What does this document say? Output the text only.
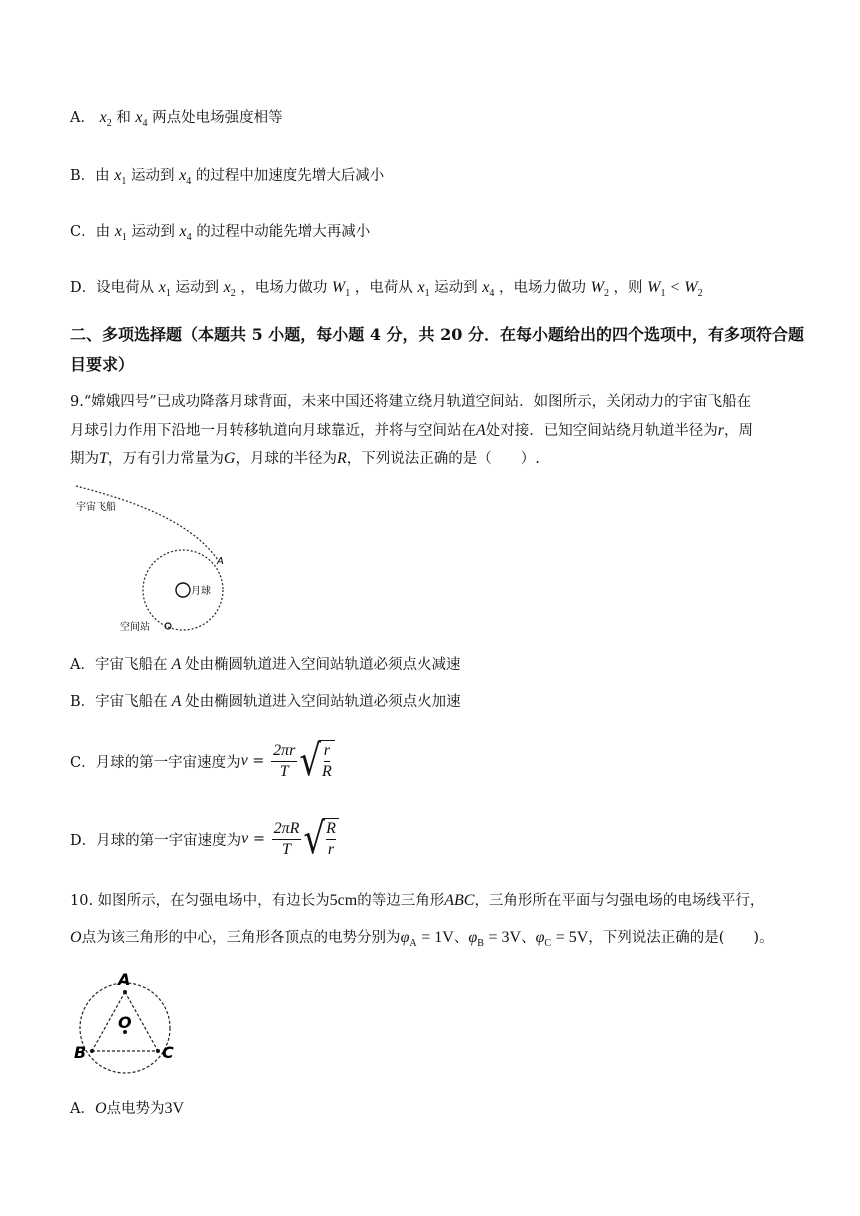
A． $x_2$ 和 $x_4$ 两点处电场强度相等
B．由 $x_1$ 运动到 $x_4$ 的过程中加速度先增大后减小
C．由 $x_1$ 运动到 $x_4$ 的过程中动能先增大再减小
D．设电荷从 $x_1$ 运动到 $x_2$ ，电场力做功 $W_1$ ，电荷从 $x_1$ 运动到 $x_4$ ，电场力做功 $W_2$ ，则 $W_1 < W_2$
二、多项选择题（本题共 5 小题，每小题 4 分，共 20 分．在每小题给出的四个选项中，有多项符合题目要求）
9.“嫦娥四号”已成功降落月球背面，未来中国还将建立绕月轨道空间站．如图所示，关闭动力的宇宙飞船在
月球引力作用下沿地一月转移轨道向月球靠近，并将与空间站在A处对接．已知空间站绕月轨道半径为r，周
期为T，万有引力常量为G，月球的半径为R，下列说法正确的是（　　）.
宇宙飞船
A
月球
空间站
A．宇宙飞船在 A 处由椭圆轨道进入空间站轨道必须点火减速
B．宇宙飞船在 A 处由椭圆轨道进入空间站轨道必须点火加速
C．月球的第一宇宙速度为 $v = \frac{2\pi r}{T}$ √
$\frac{r}{R}$
D．月球的第一宇宙速度为 $v = \frac{2\pi R}{T}$ √
$\frac{R}{r}$
10. 如图所示，在匀强电场中，有边长为5cm的等边三角形ABC，三角形所在平面与匀强电场的电场线平行，
O点为该三角形的中心，三角形各顶点的电势分别为$\varphi_A = 1V$、$\varphi_B = 3V$、$\varphi_C = 5V$，下列说法正确的是(　　)。
A
B	C
O
A．O点电势为3V
